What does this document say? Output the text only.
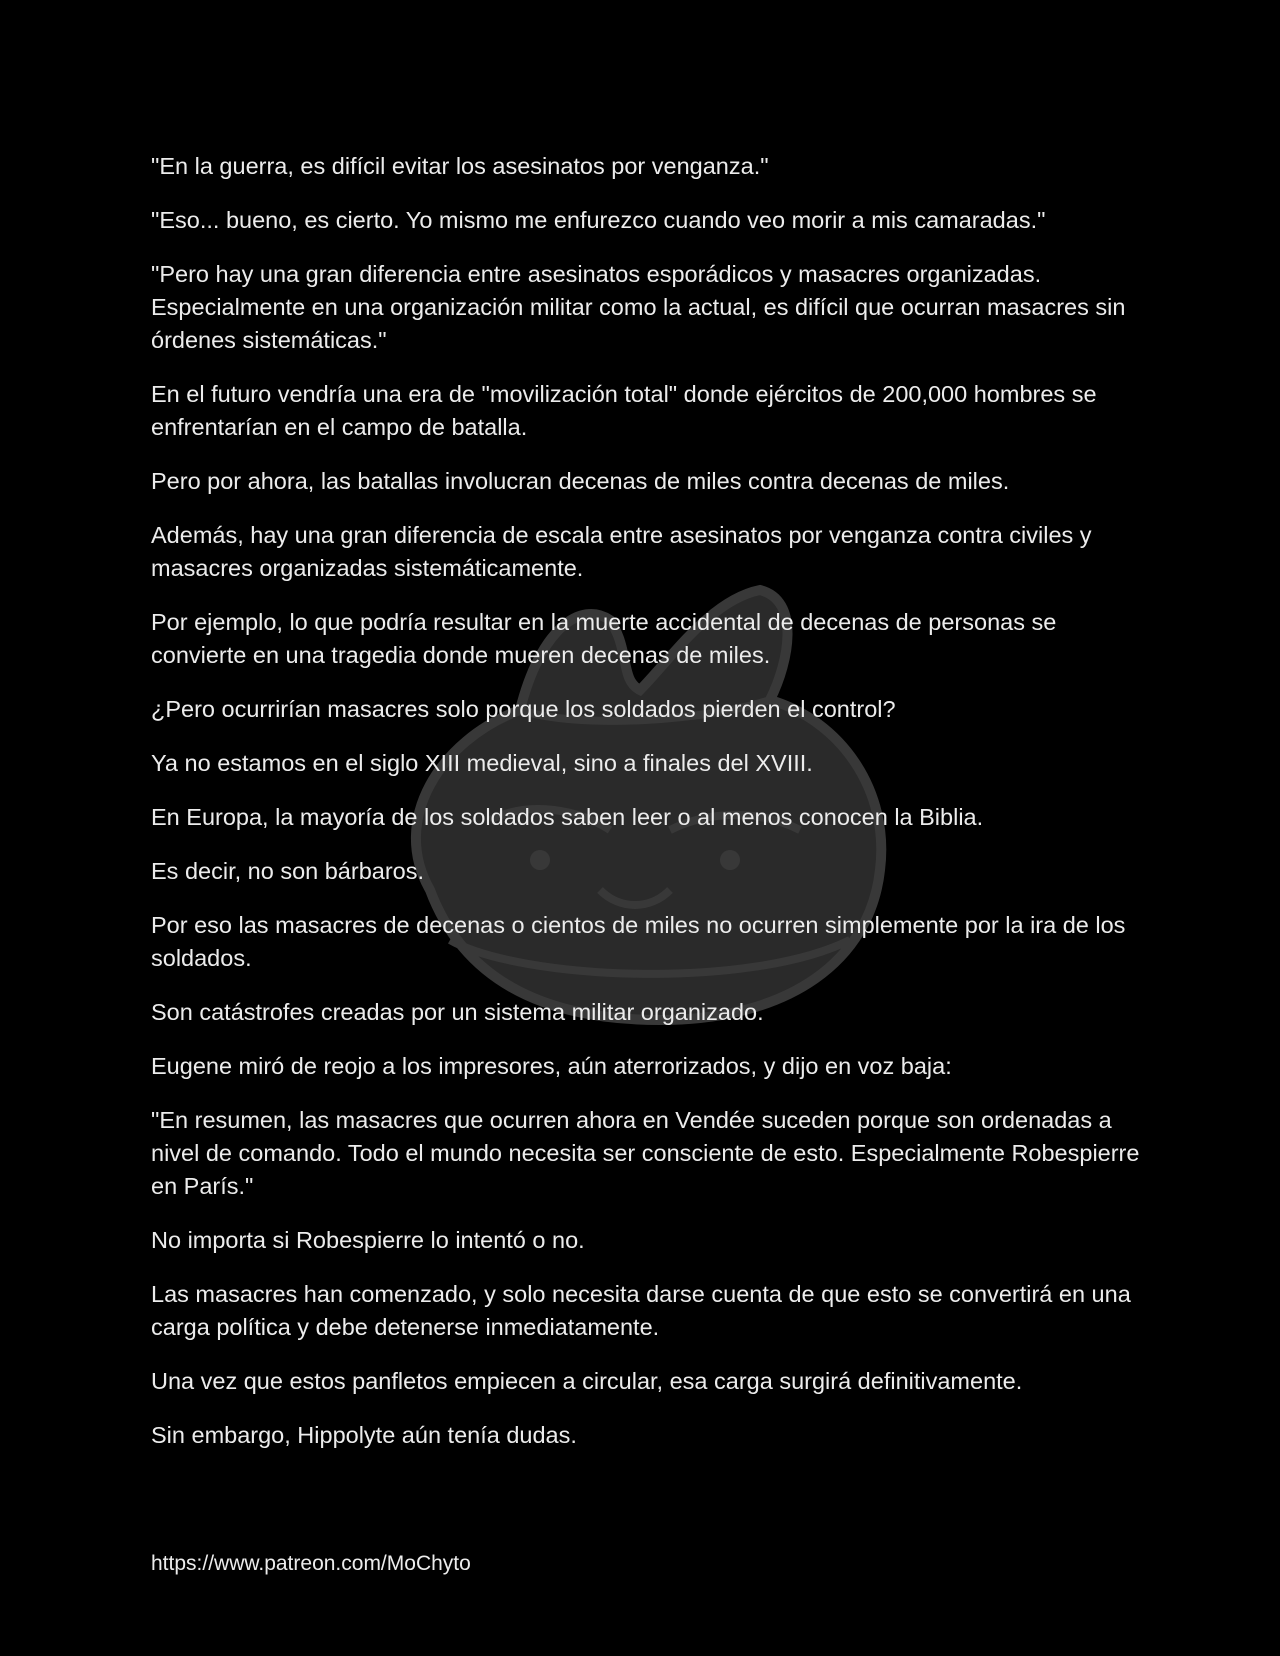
"En la guerra, es difícil evitar los asesinatos por venganza."

"Eso... bueno, es cierto. Yo mismo me enfurezco cuando veo morir a mis camaradas."

"Pero hay una gran diferencia entre asesinatos esporádicos y masacres organizadas. Especialmente en una organización militar como la actual, es difícil que ocurran masacres sin órdenes sistemáticas."

En el futuro vendría una era de "movilización total" donde ejércitos de 200,000 hombres se enfrentarían en el campo de batalla.

Pero por ahora, las batallas involucran decenas de miles contra decenas de miles.

Además, hay una gran diferencia de escala entre asesinatos por venganza contra civiles y masacres organizadas sistemáticamente.

Por ejemplo, lo que podría resultar en la muerte accidental de decenas de personas se convierte en una tragedia donde mueren decenas de miles.

¿Pero ocurrirían masacres solo porque los soldados pierden el control?

Ya no estamos en el siglo XIII medieval, sino a finales del XVIII.

En Europa, la mayoría de los soldados saben leer o al menos conocen la Biblia.

Es decir, no son bárbaros.

Por eso las masacres de decenas o cientos de miles no ocurren simplemente por la ira de los soldados.

Son catástrofes creadas por un sistema militar organizado.

Eugene miró de reojo a los impresores, aún aterrorizados, y dijo en voz baja:

"En resumen, las masacres que ocurren ahora en Vendée suceden porque son ordenadas a nivel de comando. Todo el mundo necesita ser consciente de esto. Especialmente Robespierre en París."

No importa si Robespierre lo intentó o no.

Las masacres han comenzado, y solo necesita darse cuenta de que esto se convertirá en una carga política y debe detenerse inmediatamente.

Una vez que estos panfletos empiecen a circular, esa carga surgirá definitivamente.

Sin embargo, Hippolyte aún tenía dudas.

https://www.patreon.com/MoChyto
